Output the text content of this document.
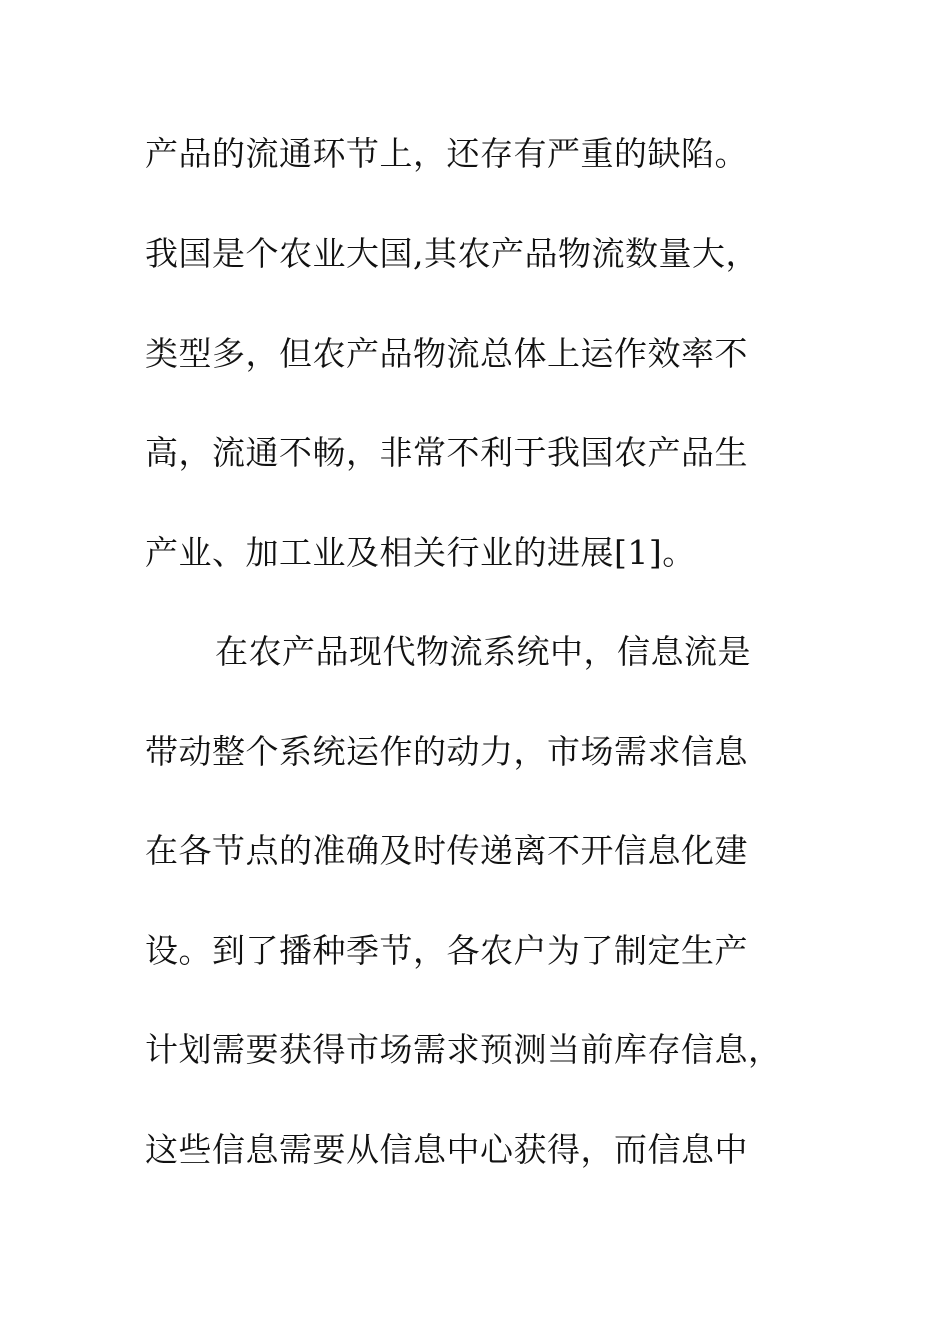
产品的流通环节上，还存有严重的缺陷。
我国是个农业大国,其农产品物流数量大，
类型多，但农产品物流总体上运作效率不
高，流通不畅，非常不利于我国农产品生
产业、加工业及相关行业的进展[1]。
在农产品现代物流系统中，信息流是
带动整个系统运作的动力，市场需求信息
在各节点的准确及时传递离不开信息化建
设。到了播种季节，各农户为了制定生产
计划需要获得市场需求预测当前库存信息，
这些信息需要从信息中心获得，而信息中
